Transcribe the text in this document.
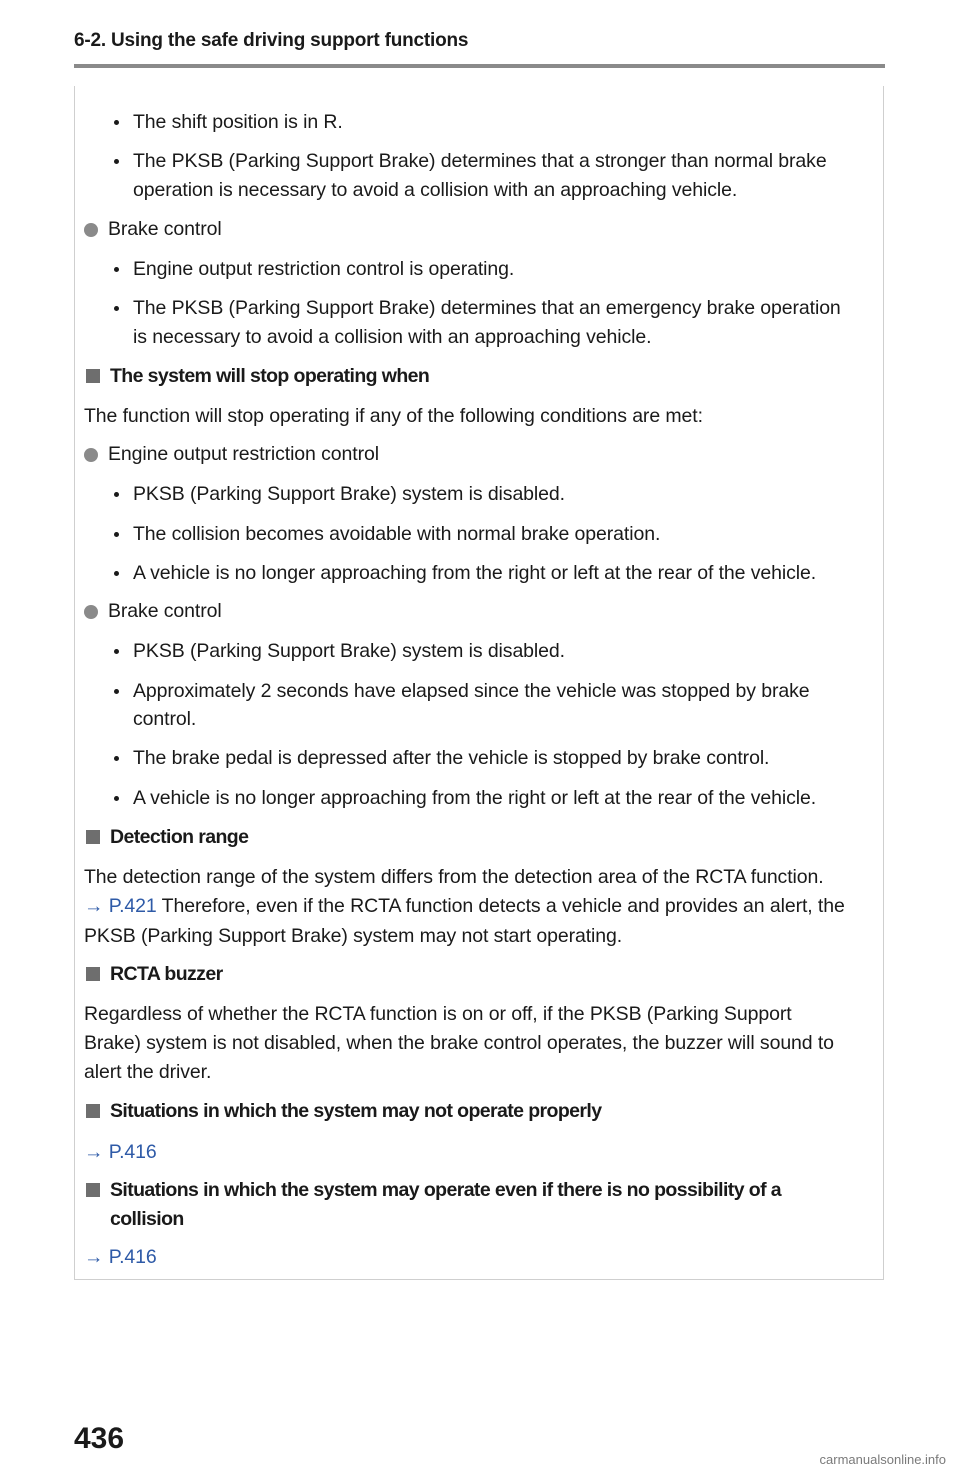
6-2. Using the safe driving support functions
The shift position is in R.
The PKSB (Parking Support Brake) determines that a stronger than normal brake
operation is necessary to avoid a collision with an approaching vehicle.
Brake control
Engine output restriction control is operating.
The PKSB (Parking Support Brake) determines that an emergency brake operation
is necessary to avoid a collision with an approaching vehicle.
The system will stop operating when
The function will stop operating if any of the following conditions are met:
Engine output restriction control
PKSB (Parking Support Brake) system is disabled.
The collision becomes avoidable with normal brake operation.
A vehicle is no longer approaching from the right or left at the rear of the vehicle.
Brake control
PKSB (Parking Support Brake) system is disabled.
Approximately 2 seconds have elapsed since the vehicle was stopped by brake
control.
The brake pedal is depressed after the vehicle is stopped by brake control.
A vehicle is no longer approaching from the right or left at the rear of the vehicle.
Detection range
The detection range of the system differs from the detection area of the RCTA function.
→ P.421 Therefore, even if the RCTA function detects a vehicle and provides an alert, the
PKSB (Parking Support Brake) system may not start operating.
RCTA buzzer
Regardless of whether the RCTA function is on or off, if the PKSB (Parking Support
Brake) system is not disabled, when the brake control operates, the buzzer will sound to
alert the driver.
Situations in which the system may not operate properly
→ P.416
Situations in which the system may operate even if there is no possibility of a
collision
→ P.416
436
carmanualsonline.info
